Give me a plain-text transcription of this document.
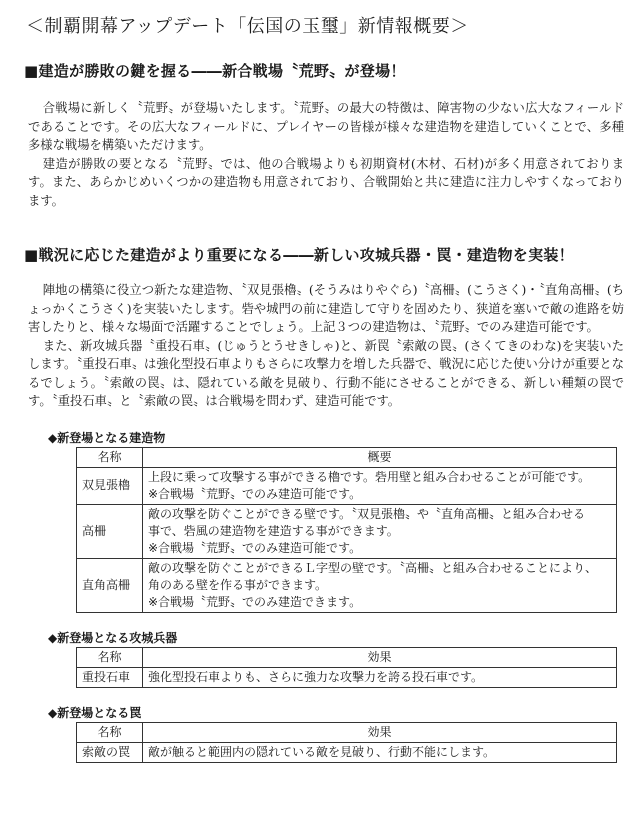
＜制覇開幕アップデート「伝国の玉璽」新情報概要＞
■建造が勝敗の鍵を握る――新合戦場〝荒野〟が登場！

合戦場に新しく〝荒野〟が登場いたします。〝荒野〟の最大の特徴は、障害物の少ない広大なフィールドであることです。その広大なフィールドに、プレイヤーの皆様が様々な建造物を建造していくことで、多種多様な戦場を構築いただけます。

建造が勝敗の要となる〝荒野〟では、他の合戦場よりも初期資材(木材、石材)が多く用意されております。また、あらかじめいくつかの建造物も用意されており、合戦開始と共に建造に注力しやすくなっております。

■戦況に応じた建造がより重要になる――新しい攻城兵器・罠・建造物を実装！

陣地の構築に役立つ新たな建造物、〝双見張櫓〟(そうみはりやぐら)〝高柵〟(こうさく)・〝直角高柵〟(ちょっかくこうさく)を実装いたします。砦や城門の前に建造して守りを固めたり、狭道を塞いで敵の進路を妨害したりと、様々な場面で活躍することでしょう。上記３つの建造物は、〝荒野〟でのみ建造可能です。

また、新攻城兵器〝重投石車〟(じゅうとうせきしゃ)と、新罠〝索敵の罠〟(さくてきのわな)を実装いたします。〝重投石車〟は強化型投石車よりもさらに攻撃力を増した兵器で、戦況に応じた使い分けが重要となるでしょう。〝索敵の罠〟は、隠れている敵を見破り、行動不能にさせることができる、新しい種類の罠です。〝重投石車〟と〝索敵の罠〟は合戦場を問わず、建造可能です。

◆新登場となる建造物
名称	概要
双見張櫓	上段に乗って攻撃する事ができる櫓です。砦用壁と組み合わせることが可能です。
※合戦場〝荒野〟でのみ建造可能です。

高柵	敵の攻撃を防ぐことができる壁です。〝双見張櫓〟や〝直角高柵〟と組み合わせる
事で、砦風の建造物を建造する事ができます。
※合戦場〝荒野〟でのみ建造可能です。

直角高柵	敵の攻撃を防ぐことができるＬ字型の壁です。〝高柵〟と組み合わせることにより、
角のある壁を作る事ができます。
※合戦場〝荒野〟でのみ建造できます。
◆新登場となる攻城兵器
名称	効果
重投石車	強化型投石車よりも、さらに強力な攻撃力を誇る投石車です。
◆新登場となる罠
名称	効果
索敵の罠	敵が触ると範囲内の隠れている敵を見破り、行動不能にします。
